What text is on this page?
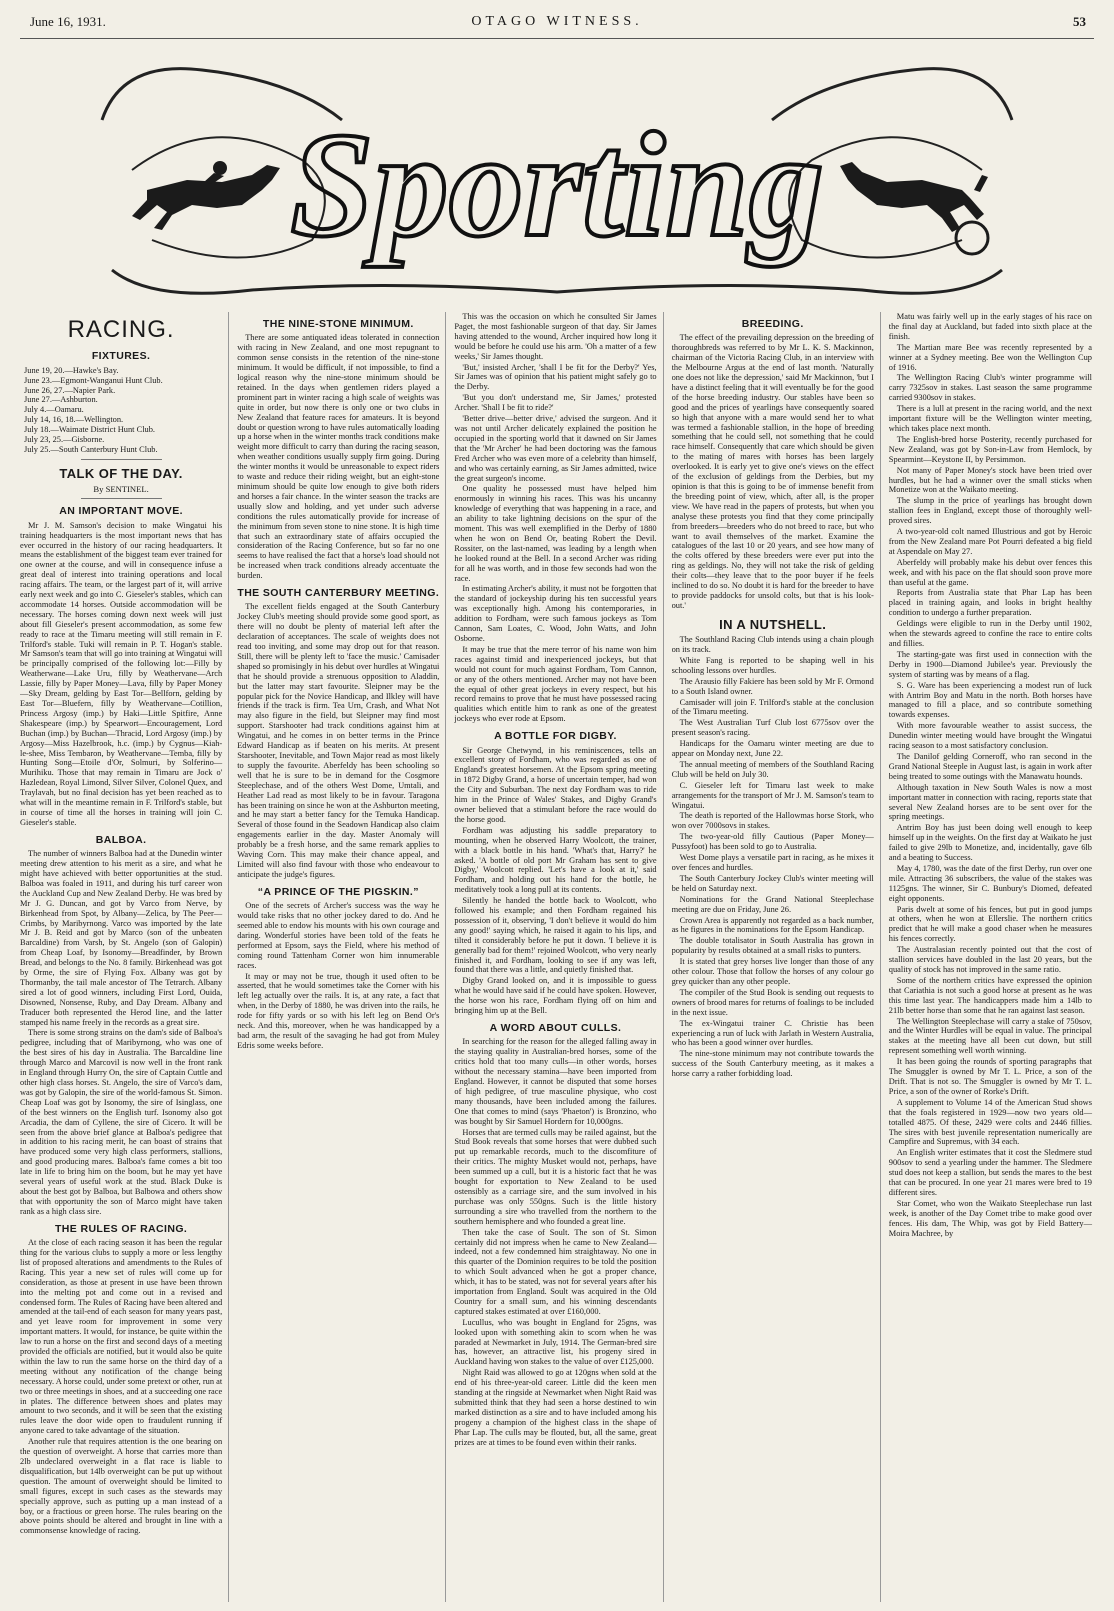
June 16, 1931.	OTAGO WITNESS.	53
Sporting
RACING.
FIXTURES.
June 19, 20.—Hawke's Bay.
June 23.—Egmont-Wanganui Hunt Club.
June 26, 27.—Napier Park.
June 27.—Ashburton.
July 4.—Oamaru.
July 14, 16, 18.—Wellington.
July 18.—Waimate District Hunt Club.
July 23, 25.—Gisborne.
July 25.—South Canterbury Hunt Club.
TALK OF THE DAY.
By SENTINEL.
AN IMPORTANT MOVE.

Mr J. M. Samson's decision to make Wingatui his training headquarters is the most important news that has ever occurred in the history of our racing headquarters. It means the establishment of the biggest team ever trained for one owner at the course, and will in consequence infuse a great deal of interest into training operations and local racing affairs. The team, or the largest part of it, will arrive early next week and go into C. Gieseler's stables, which can accommodate 14 horses. Outside accommodation will be necessary. The horses coming down next week will just about fill Gieseler's present accommodation, as some few ready to race at the Timaru meeting will still remain in F. Trilford's stable. Tuki will remain in P. T. Hogan's stable. Mr Samson's team that will go into training at Wingatui will be principally comprised of the following lot:—Filly by Weatherwane—Lake Uru, filly by Weathervane—Arch Lassie, filly by Paper Money—Lava, filly by Paper Money—Sky Dream, gelding by East Tor—Bellforn, gelding by East Tor—Bluefern, filly by Weathervane—Cotillion, Princess Argosy (imp.) by Haki—Little Spitfire, Anne Shakespeare (imp.) by Spearwort—Encouragement, Lord Buchan (imp.) by Buchan—Thracid, Lord Argosy (imp.) by Argosy—Miss Hazelbrook, h.c. (imp.) by Cygnus—Kiah-le-shee, Miss Tembaron, by Weathervane—Temba, filly by Hunting Song—Etoile d'Or, Solmuri, by Solferino—Murihiku. Those that may remain in Timaru are Jock o' Hazledean, Royal Limond, Silver Silver, Colonel Quex, and Traylavah, but no final decision has yet been reached as to what will in the meantime remain in F. Trilford's stable, but in course of time all the horses in training will join C. Gieseler's stable.

BALBOA.

The number of winners Balboa had at the Dunedin winter meeting drew attention to his merit as a sire, and what he might have achieved with better opportunities at the stud. Balboa was foaled in 1911, and during his turf career won the Auckland Cup and New Zealand Derby. He was bred by Mr J. G. Duncan, and got by Varco from Nerve, by Birkenhead from Spot, by Albany—Zelica, by The Peer—Crimbs, by Maribyrnong. Varco was imported by the late Mr J. B. Reid and got by Marco (son of the unbeaten Barcaldine) from Varsh, by St. Angelo (son of Galopin) from Cheap Loaf, by Isonomy—Breadfinder, by Brown Bread, and belongs to the No. 8 family. Birkenhead was got by Orme, the sire of Flying Fox. Albany was got by Thormanby, the tail male ancestor of The Tetrarch. Albany sired a lot of good winners, including First Lord, Ouida, Disowned, Nonsense, Ruby, and Day Dream. Albany and Traducer both represented the Herod line, and the latter stamped his name freely in the records as a great sire.

There is some strong strains on the dam's side of Balboa's pedigree, including that of Maribyrnong, who was one of the best sires of his day in Australia. The Barcaldine line through Marco and Marcovil is now well in the front rank in England through Hurry On, the sire of Captain Cuttle and other high class horses. St. Angelo, the sire of Varco's dam, was got by Galopin, the sire of the world-famous St. Simon. Cheap Loaf was got by Isonomy, the sire of Isinglass, one of the best winners on the English turf. Isonomy also got Arcadia, the dam of Cyllene, the sire of Cicero. It will be seen from the above brief glance at Balboa's pedigree that in addition to his racing merit, he can boast of strains that have produced some very high class performers, stallions, and good producing mares. Balboa's fame comes a bit too late in life to bring him on the boom, but he may yet have several years of useful work at the stud. Black Duke is about the best got by Balboa, but Balbowa and others show that with opportunity the son of Marco might have taken rank as a high class sire.

THE RULES OF RACING.

At the close of each racing season it has been the regular thing for the various clubs to supply a more or less lengthy list of proposed alterations and amendments to the Rules of Racing. This year a new set of rules will come up for consideration, as those at present in use have been thrown into the melting pot and come out in a revised and condensed form. The Rules of Racing have been altered and amended at the tail-end of each season for many years past, and yet leave room for improvement in some very important matters. It would, for instance, be quite within the law to run a horse on the first and second days of a meeting provided the officials are notified, but it would also be quite within the law to run the same horse on the third day of a meeting without any notification of the change being necessary. A horse could, under some pretext or other, run at two or three meetings in shoes, and at a succeeding one race in plates. The difference between shoes and plates may amount to two seconds, and it will be seen that the existing rules leave the door wide open to fraudulent running if anyone cared to take advantage of the situation.

Another rule that requires attention is the one bearing on the question of overweight. A horse that carries more than 2lb undeclared overweight in a flat race is liable to disqualification, but 14lb overweight can be put up without question. The amount of overweight should be limited to small figures, except in such cases as the stewards may specially approve, such as putting up a man instead of a boy, or a fractious or green horse. The rules bearing on the above points should be altered and brought in line with a commonsense knowledge of racing.

THE NINE-STONE MINIMUM.

There are some antiquated ideas tolerated in connection with racing in New Zealand, and one most repugnant to common sense consists in the retention of the nine-stone minimum. It would be difficult, if not impossible, to find a logical reason why the nine-stone minimum should be retained. In the days when gentlemen riders played a prominent part in winter racing a high scale of weights was quite in order, but now there is only one or two clubs in New Zealand that feature races for amateurs. It is beyond doubt or question wrong to have rules automatically loading up a horse when in the winter months track conditions make weight more difficult to carry than during the racing season, when weather conditions usually supply firm going. During the winter months it would be unreasonable to expect riders to waste and reduce their riding weight, but an eight-stone minimum should be quite low enough to give both riders and horses a fair chance. In the winter season the tracks are usually slow and holding, and yet under such adverse conditions the rules automatically provide for increase of the minimum from seven stone to nine stone. It is high time that such an extraordinary state of affairs occupied the consideration of the Racing Conference, but so far no one seems to have realised the fact that a horse's load should not be increased when track conditions already accentuate the burden.

THE SOUTH CANTERBURY MEETING.

The excellent fields engaged at the South Canterbury Jockey Club's meeting should provide some good sport, as there will no doubt be plenty of material left after the declaration of acceptances. The scale of weights does not read too inviting, and some may drop out for that reason. Still, there will be plenty left to 'face the music.' Camisader shaped so promisingly in his debut over hurdles at Wingatui that he should provide a strenuous opposition to Aladdin, but the latter may start favourite. Sleipner may be the popular pick for the Novice Handicap, and Ilkley will have friends if the track is firm. Tea Urn, Crash, and What Not may also figure in the field, but Sleipner may find most support. Starshooter had track conditions against him at Wingatui, and he comes in on better terms in the Prince Edward Handicap as if beaten on his merits. At present Starshooter, Inevitable, and Town Major read as most likely to supply the favourite. Aberfeldy has been schooling so well that he is sure to be in demand for the Cosgmore Steeplechase, and of the others West Dome, Umtali, and Heather Lad read as most likely to be in favour. Taragona has been training on since he won at the Ashburton meeting, and he may start a better fancy for the Temuka Handicap. Several of those found in the Seadown Handicap also claim engagements earlier in the day. Master Anomaly will probably be a fresh horse, and the same remark applies to Waving Corn. This may make their chance appeal, and Limited will also find favour with those who endeavour to anticipate the judge's figures.

“A PRINCE OF THE PIGSKIN.”

One of the secrets of Archer's success was the way he would take risks that no other jockey dared to do. And he seemed able to endow his mounts with his own courage and daring. Wonderful stories have been told of the feats he performed at Epsom, says the Field, where his method of coming round Tattenham Corner won him innumerable races.

It may or may not be true, though it used often to be asserted, that he would sometimes take the Corner with his left leg actually over the rails. It is, at any rate, a fact that when, in the Derby of 1880, he was driven into the rails, he rode for fifty yards or so with his left leg on Bend Or's neck. And this, moreover, when he was handicapped by a bad arm, the result of the savaging he had got from Muley Edris some weeks before.

This was the occasion on which he consulted Sir James Paget, the most fashionable surgeon of that day. Sir James having attended to the wound, Archer inquired how long it would be before he could use his arm. 'Oh a matter of a few weeks,' Sir James thought.

'But,' insisted Archer, 'shall I be fit for the Derby?' Yes, Sir James was of opinion that his patient might safely go to the Derby.

'But you don't understand me, Sir James,' protested Archer. 'Shall I be fit to ride?'

'Better drive—better drive,' advised the surgeon. And it was not until Archer delicately explained the position he occupied in the sporting world that it dawned on Sir James that the 'Mr Archer' he had been doctoring was the famous Fred Archer who was even more of a celebrity than himself, and who was certainly earning, as Sir James admitted, twice the great surgeon's income.

One quality he possessed must have helped him enormously in winning his races. This was his uncanny knowledge of everything that was happening in a race, and an ability to take lightning decisions on the spur of the moment. This was well exemplified in the Derby of 1880 when he won on Bend Or, beating Robert the Devil. Rossiter, on the last-named, was leading by a length when he looked round at the Bell. In a second Archer was riding for all he was worth, and in those few seconds had won the race.

In estimating Archer's ability, it must not be forgotten that the standard of jockeyship during his ten successful years was exceptionally high. Among his contemporaries, in addition to Fordham, were such famous jockeys as Tom Cannon, Sam Loates, C. Wood, John Watts, and John Osborne.

It may be true that the mere terror of his name won him races against timid and inexperienced jockeys, but that would not count for much against Fordham, Tom Cannon, or any of the others mentioned. Archer may not have been the equal of other great jockeys in every respect, but his record remains to prove that he must have possessed racing qualities which entitle him to rank as one of the greatest jockeys who ever rode at Epsom.

A BOTTLE FOR DIGBY.

Sir George Chetwynd, in his reminiscences, tells an excellent story of Fordham, who was regarded as one of England's greatest horsemen. At the Epsom spring meeting in 1872 Digby Grand, a horse of uncertain temper, had won the City and Suburban. The next day Fordham was to ride him in the Prince of Wales' Stakes, and Digby Grand's owner believed that a stimulant before the race would do the horse good.

Fordham was adjusting his saddle preparatory to mounting, when he observed Harry Woolcott, the trainer, with a black bottle in his hand. 'What's that, Harry?' he asked. 'A bottle of old port Mr Graham has sent to give Digby,' Woolcott replied. 'Let's have a look at it,' said Fordham, and holding out his hand for the bottle, he meditatively took a long pull at its contents.

Silently he handed the bottle back to Woolcott, who followed his example; and then Fordham regained his possession of it, observing, 'I don't believe it would do him any good!' saying which, he raised it again to his lips, and tilted it considerably before he put it down. 'I believe it is generally bad for them!' rejoined Woolcott, who very nearly finished it, and Fordham, looking to see if any was left, found that there was a little, and quietly finished that.

Digby Grand looked on, and it is impossible to guess what he would have said if he could have spoken. However, the horse won his race, Fordham flying off on him and bringing him up at the Bell.

A WORD ABOUT CULLS.

In searching for the reason for the alleged falling away in the staying quality in Australian-bred horses, some of the critics hold that too many culls—in other words, horses without the necessary stamina—have been imported from England. However, it cannot be disputed that some horses of high pedigree, of true masculine physique, who cost many thousands, have been included among the failures. One that comes to mind (says 'Phaeton') is Bronzino, who was bought by Sir Samuel Hordern for 10,000gns.

Horses that are termed culls may be railed against, but the Stud Book reveals that some horses that were dubbed such put up remarkable records, much to the discomfiture of their critics. The mighty Musket would not, perhaps, have been summed up a cull, but it is a historic fact that he was bought for exportation to New Zealand to be used ostensibly as a carriage sire, and the sum involved in his purchase was only 550gns. Such is the little history surrounding a sire who travelled from the northern to the southern hemisphere and who founded a great line.

Then take the case of Soult. The son of St. Simon certainly did not impress when he came to New Zealand—indeed, not a few condemned him straightaway. No one in this quarter of the Dominion requires to be told the position to which Soult advanced when he got a proper chance, which, it has to be stated, was not for several years after his importation from England. Soult was acquired in the Old Country for a small sum, and his winning descendants captured stakes estimated at over £160,000.

Lucullus, who was bought in England for 25gns, was looked upon with something akin to scorn when he was paraded at Newmarket in July, 1914. The German-bred sire has, however, an attractive list, his progeny sired in Auckland having won stakes to the value of over £125,000.

Night Raid was allowed to go at 120gns when sold at the end of his three-year-old career. Little did the keen men standing at the ringside at Newmarket when Night Raid was submitted think that they had seen a horse destined to win marked distinction as a sire and to have included among his progeny a champion of the highest class in the shape of Phar Lap. The culls may be flouted, but, all the same, great prizes are at times to be found even within their ranks.

BREEDING.

The effect of the prevailing depression on the breeding of thoroughbreds was referred to by Mr L. K. S. Mackinnon, chairman of the Victoria Racing Club, in an interview with the Melbourne Argus at the end of last month. 'Naturally one does not like the depression,' said Mr Mackinnon, 'but I have a distinct feeling that it will eventually be for the good of the horse breeding industry. Our stables have been so good and the prices of yearlings have consequently soared so high that anyone with a mare would send her to what was termed a fashionable stallion, in the hope of breeding something that he could sell, not something that he could race himself. Consequently that care which should be given to the mating of mares with horses has been largely overlooked. It is early yet to give one's views on the effect of the exclusion of geldings from the Derbies, but my opinion is that this is going to be of immense benefit from the breeding point of view, which, after all, is the proper view. We have read in the papers of protests, but when you analyse these protests you find that they come principally from breeders—breeders who do not breed to race, but who want to avail themselves of the market. Examine the catalogues of the last 10 or 20 years, and see how many of the colts offered by these breeders were ever put into the ring as geldings. No, they will not take the risk of gelding their colts—they leave that to the poor buyer if he feels inclined to do so. No doubt it is hard for the breeder to have to provide paddocks for unsold colts, but that is his look-out.'

IN A NUTSHELL.

The Southland Racing Club intends using a chain plough on its track.

White Fang is reported to be shaping well in his schooling lessons over hurdles.

The Arausio filly Fakiere has been sold by Mr F. Ormond to a South Island owner.

Camisader will join F. Trilford's stable at the conclusion of the Timaru meeting.

The West Australian Turf Club lost 6775sov over the present season's racing.

Handicaps for the Oamaru winter meeting are due to appear on Monday next, June 22.

The annual meeting of members of the Southland Racing Club will be held on July 30.

C. Gieseler left for Timaru last week to make arrangements for the transport of Mr J. M. Samson's team to Wingatui.

The death is reported of the Hallowmas horse Stork, who won over 7000sovs in stakes.

The two-year-old filly Cautious (Paper Money—Pussyfoot) has been sold to go to Australia.

West Dome plays a versatile part in racing, as he mixes it over fences and hurdles.

The South Canterbury Jockey Club's winter meeting will be held on Saturday next.

Nominations for the Grand National Steeplechase meeting are due on Friday, June 26.

Crown Area is apparently not regarded as a back number, as he figures in the nominations for the Epsom Handicap.

The double totalisator in South Australia has grown in popularity by results obtained at a small risks to punters.

It is stated that grey horses live longer than those of any other colour. Those that follow the horses of any colour go grey quicker than any other people.

The compiler of the Stud Book is sending out requests to owners of brood mares for returns of foalings to be included in the next issue.

The ex-Wingatui trainer C. Christie has been experiencing a run of luck with Jarlath in Western Australia, who has been a good winner over hurdles.

The nine-stone minimum may not contribute towards the success of the South Canterbury meeting, as it makes a horse carry a rather forbidding load.

Matu was fairly well up in the early stages of his race on the final day at Auckland, but faded into sixth place at the finish.

The Martian mare Bee was recently represented by a winner at a Sydney meeting. Bee won the Wellington Cup of 1916.

The Wellington Racing Club's winter programme will carry 7325sov in stakes. Last season the same programme carried 9300sov in stakes.

There is a lull at present in the racing world, and the next important fixture will be the Wellington winter meeting, which takes place next month.

The English-bred horse Posterity, recently purchased for New Zealand, was got by Son-in-Law from Hemlock, by Spearmint—Keystone II, by Persimmon.

Not many of Paper Money's stock have been tried over hurdles, but he had a winner over the small sticks when Monetize won at the Waikato meeting.

The slump in the price of yearlings has brought down stallion fees in England, except those of thoroughly well-proved sires.

A two-year-old colt named Illustrious and got by Heroic from the New Zealand mare Pot Pourri defeated a big field at Aspendale on May 27.

Aberfeldy will probably make his debut over fences this week, and with his pace on the flat should soon prove more than useful at the game.

Reports from Australia state that Phar Lap has been placed in training again, and looks in bright healthy condition to undergo a further preparation.

Geldings were eligible to run in the Derby until 1902, when the stewards agreed to confine the race to entire colts and fillies.

The starting-gate was first used in connection with the Derby in 1900—Diamond Jubilee's year. Previously the system of starting was by means of a flag.

S. G. Ware has been experiencing a modest run of luck with Antrim Boy and Matu in the north. Both horses have managed to fill a place, and so contribute something towards expenses.

With more favourable weather to assist success, the Dunedin winter meeting would have brought the Wingatui racing season to a most satisfactory conclusion.

The Danilof gelding Corneroff, who ran second in the Grand National Steeple in August last, is again in work after being treated to some outings with the Manawatu hounds.

Although taxation in New South Wales is now a most important matter in connection with racing, reports state that several New Zealand horses are to be sent over for the spring meetings.

Antrim Boy has just been doing well enough to keep himself up in the weights. On the first day at Waikato he just failed to give 29lb to Monetize, and, incidentally, gave 6lb and a beating to Success.

May 4, 1780, was the date of the first Derby, run over one mile. Attracting 36 subscribers, the value of the stakes was 1125gns. The winner, Sir C. Bunbury's Diomed, defeated eight opponents.

Paris dwelt at some of his fences, but put in good jumps at others, when he won at Ellerslie. The northern critics predict that he will make a good chaser when he measures his fences correctly.

The Australasian recently pointed out that the cost of stallion services have doubled in the last 20 years, but the quality of stock has not improved in the same ratio.

Some of the northern critics have expressed the opinion that Cariathia is not such a good horse at present as he was this time last year. The handicappers made him a 14lb to 21lb better horse than some that he ran against last season.

The Wellington Steeplechase will carry a stake of 750sov, and the Winter Hurdles will be equal in value. The principal stakes at the meeting have all been cut down, but still represent something well worth winning.

It has been going the rounds of sporting paragraphs that The Smuggler is owned by Mr T. L. Price, a son of the Drift. That is not so. The Smuggler is owned by Mr T. L. Price, a son of the owner of Rorke's Drift.

A supplement to Volume 14 of the American Stud shows that the foals registered in 1929—now two years old—totalled 4875. Of these, 2429 were colts and 2446 fillies. The sires with best juvenile representation numerically are Campfire and Supremus, with 34 each.

An English writer estimates that it cost the Sledmere stud 900sov to send a yearling under the hammer. The Sledmere stud does not keep a stallion, but sends the mares to the best that can be procured. In one year 21 mares were bred to 19 different sires.

Star Comet, who won the Waikato Steeplechase run last week, is another of the Day Comet tribe to make good over fences. His dam, The Whip, was got by Field Battery—Moira Machree, by
